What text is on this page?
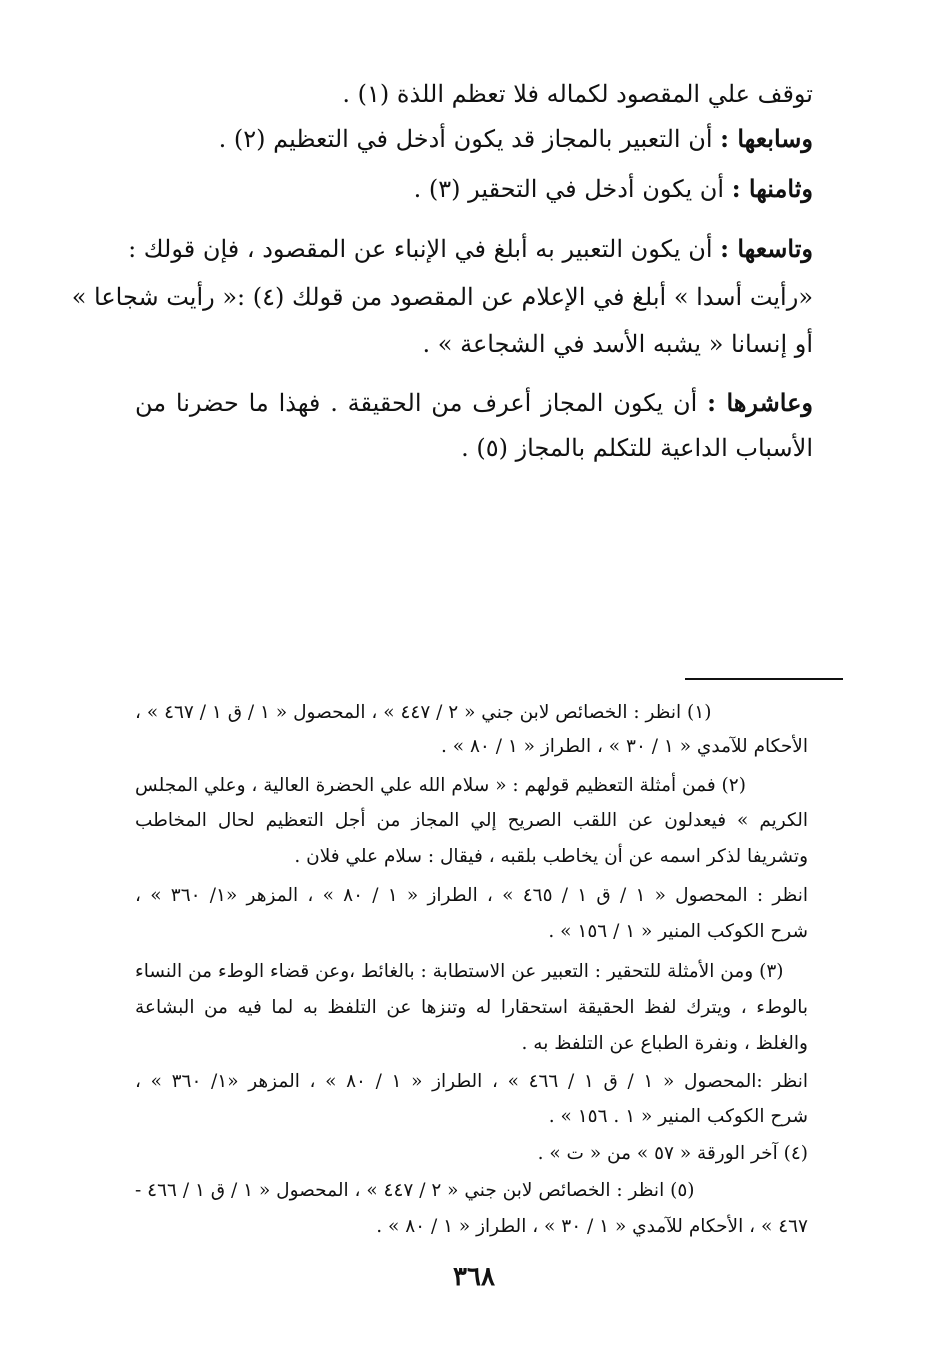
توقف علي المقصود لكماله فلا تعظم اللذة (١) .
وسابعها : أن التعبير بالمجاز قد يكون أدخل في التعظيم (٢) .
وثامنها : أن يكون أدخل في التحقير (٣) .
وتاسعها : أن يكون التعبير به أبلغ في الإنباء عن المقصود ، فإن قولك :
«رأيت أسدا » أبلغ في الإعلام عن المقصود من قولك (٤) :« رأيت شجاعا »
أو إنسانا « يشبه الأسد في الشجاعة » .
وعاشرها : أن يكون المجاز أعرف من الحقيقة . فهذا ما حضرنا من
الأسباب الداعية للتكلم بالمجاز (٥) .
(١) انظر : الخصائص لابن جني « ٢ / ٤٤٧ » ، المحصول « ١ / ق ١ / ٤٦٧ » ،
الأحكام للآمدي « ١ / ٣٠ » ، الطراز « ١ / ٨٠ » .
(٢) فمن أمثلة التعظيم قولهم : « سلام الله علي الحضرة العالية ، وعلي المجلس
الكريم » فيعدلون عن اللقب الصريح إلي المجاز من أجل التعظيم لحال المخاطب
وتشريفا لذكر اسمه عن أن يخاطب بلقبه ، فيقال : سلام علي فلان .
انظر : المحصول « ١ / ق ١ / ٤٦٥ » ، الطراز « ١ / ٨٠ » ، المزهر «١/ ٣٦٠ » ،
شرح الكوكب المنير « ١ / ١٥٦ » .
(٣) ومن الأمثلة للتحقير : التعبير عن الاستطابة : بالغائط ،وعن قضاء الوطء من النساء
بالوطء ، ويترك لفظ الحقيقة استحقارا له وتنزها عن التلفظ به لما فيه من البشاعة
والغلظ ، ونفرة الطباع عن التلفظ به .
انظر :المحصول « ١ / ق ١ / ٤٦٦ » ، الطراز « ١ / ٨٠ » ، المزهر «١/ ٣٦٠ » ،
شرح الكوكب المنير « ١ . ١٥٦ » .
(٤) آخر الورقة « ٥٧ » من « ت » .
(٥) انظر : الخصائص لابن جني « ٢ / ٤٤٧ » ، المحصول « ١ / ق ١ / ٤٦٦ -
٤٦٧ » ، الأحكام للآمدي « ١ / ٣٠ » ، الطراز « ١ / ٨٠ » .
٣٦٨
